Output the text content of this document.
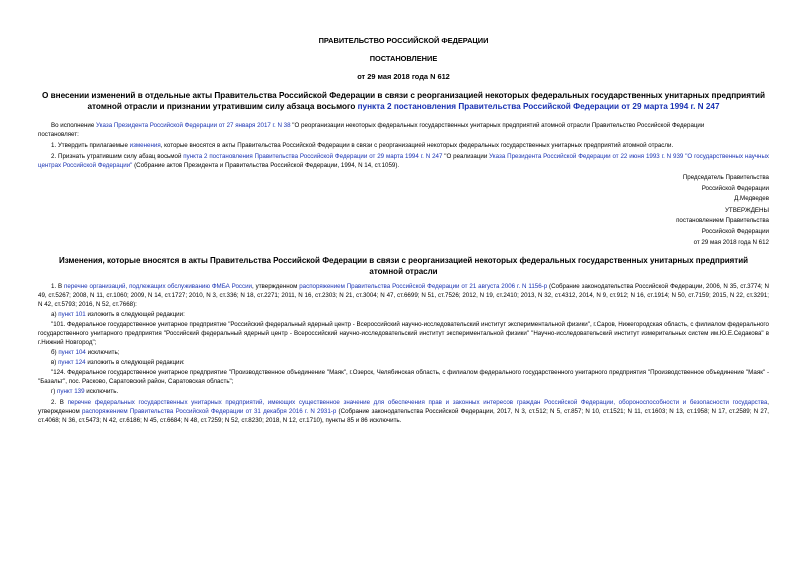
ПРАВИТЕЛЬСТВО РОССИЙСКОЙ ФЕДЕРАЦИИ
ПОСТАНОВЛЕНИЕ
от 29 мая 2018 года N 612
О внесении изменений в отдельные акты Правительства Российской Федерации в связи с реорганизацией некоторых федеральных государственных унитарных предприятий атомной отрасли и признании утратившим силу абзаца восьмого пункта 2 постановления Правительства Российской Федерации от 29 марта 1994 г. N 247

Во исполнение Указа Президента Российской Федерации от 27 января 2017 г. N 38 "О реорганизации некоторых федеральных государственных унитарных предприятий атомной отрасли Правительство Российской Федерации

постановляет:

1. Утвердить прилагаемые изменения, которые вносятся в акты Правительства Российской Федерации в связи с реорганизацией некоторых федеральных государственных унитарных предприятий атомной отрасли.

2. Признать утратившим силу абзац восьмой пункта 2 постановления Правительства Российской Федерации от 29 марта 1994 г. N 247 "О реализации Указа Президента Российской Федерации от 22 июня 1993 г. N 939 "О государственных научных центрах Российской Федерации" (Собрание актов Президента и Правительства Российской Федерации, 1994, N 14, ст.1059).

Председатель Правительства
Российской Федерации
Д.Медведев
УТВЕРЖДЕНЫ
постановлением Правительства
Российской Федерации
от 29 мая 2018 года N 612
Изменения, которые вносятся в акты Правительства Российской Федерации в связи с реорганизацией некоторых федеральных государственных унитарных предприятий атомной отрасли

1. В перечне организаций, подлежащих обслуживанию ФМБА России, утвержденном распоряжением Правительства Российской Федерации от 21 августа 2006 г. N 1156-р (Собрание законодательства Российской Федерации, 2006, N 35, ст.3774; N 49, ст.5267; 2008, N 11, ст.1060; 2009, N 14, ст.1727; 2010, N 3, ст.336; N 18, ст.2271; 2011, N 16, ст.2303; N 21, ст.3004; N 47, ст.6699; N 51, ст.7526; 2012, N 19, ст.2410; 2013, N 32, ст.4312, 2014, N 9, ст.912; N 16, ст.1914; N 50, ст.7159; 2015, N 22, ст.3291; N 42, ст.5793; 2016, N 52, ст.7668):

а) пункт 101 изложить в следующей редакции:

"101. Федеральное государственное унитарное предприятие "Российский федеральный ядерный центр - Всероссийский научно-исследовательский институт экспериментальной физики", г.Саров, Нижегородская область, с филиалом федерального государственного унитарного предприятия "Российский федеральный ядерный центр - Всероссийский научно-исследовательский институт экспериментальной физики" "Научно-исследовательский институт измерительных систем им.Ю.Е.Седакова" в г.Нижний Новгород";

б) пункт 104 исключить;

в) пункт 124 изложить в следующей редакции:

"124. Федеральное государственное унитарное предприятие "Производственное объединение "Маяк", г.Озерск, Челябинская область, с филиалом федерального государственного унитарного предприятия "Производственное объединение "Маяк" - "Базальт", пос. Расково, Саратовский район, Саратовская область";

г) пункт 139 исключить.

2. В перечне федеральных государственных унитарных предприятий, имеющих существенное значение для обеспечения прав и законных интересов граждан Российской Федерации, обороноспособности и безопасности государства, утвержденном распоряжением Правительства Российской Федерации от 31 декабря 2016 г. N 2931-р (Собрание законодательства Российской Федерации, 2017, N 3, ст.512; N 5, ст.857; N 10, ст.1521; N 11, ст.1603; N 13, ст.1958; N 17, ст.2589; N 27, ст.4068; N 36, ст.5473; N 42, ст.6186; N 45, ст.6684; N 48, ст.7259; N 52, ст.8230; 2018, N 12, ст.1710), пункты 85 и 86 исключить.
